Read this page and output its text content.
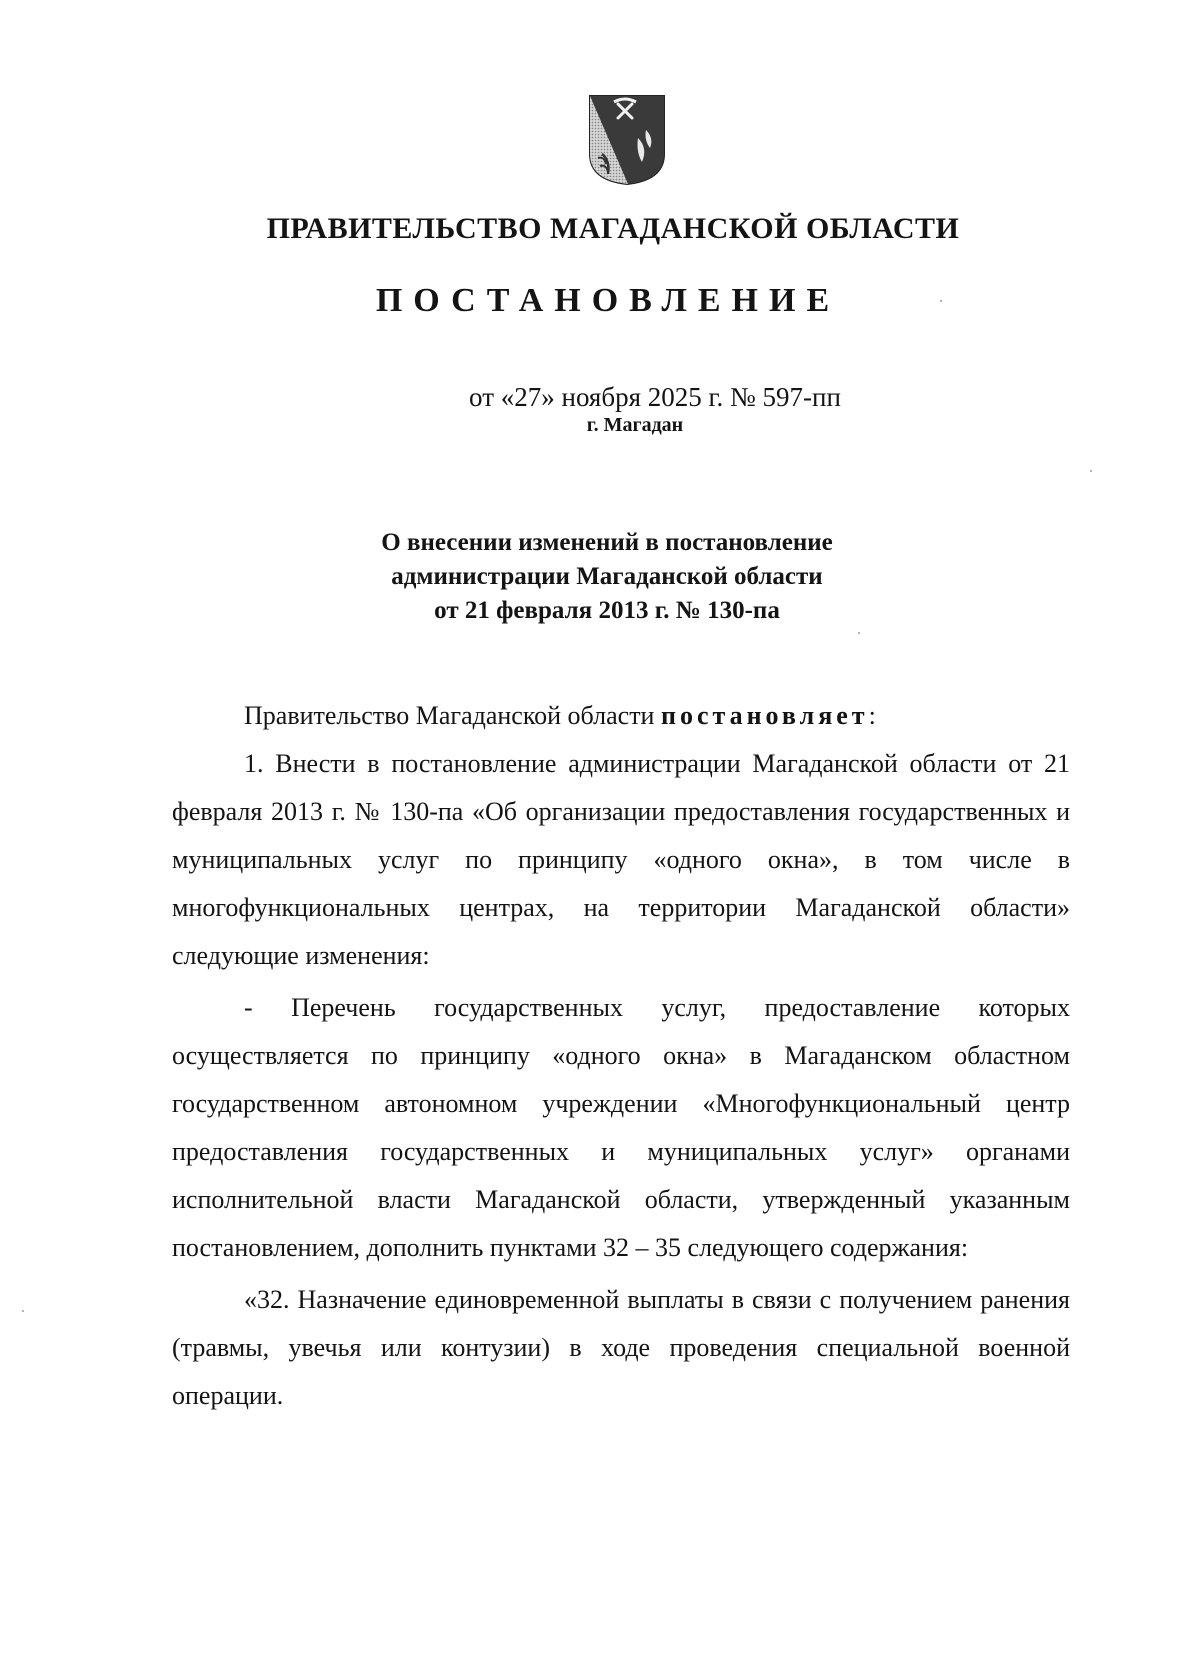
ПРАВИТЕЛЬСТВО МАГАДАНСКОЙ ОБЛАСТИ
ПОСТАНОВЛЕНИЕ
от «27» ноября 2025 г. № 597-пп
г. Магадан
О внесении изменений в постановление
администрации Магаданской области
от 21 февраля 2013 г. № 130-па

Правительство Магаданской области постановляет:

1. Внести в постановление администрации Магаданской области от 21 февраля 2013 г. № 130-па «Об организации предоставления государственных и муниципальных услуг по принципу «одного окна», в том числе в многофункциональных центрах, на территории Магаданской области» следующие изменения:

- Перечень государственных услуг, предоставление которых осуществляется по принципу «одного окна» в Магаданском областном государственном автономном учреждении «Многофункциональный центр предоставления государственных и муниципальных услуг» органами исполнительной власти Магаданской области, утвержденный указанным постановлением, дополнить пунктами 32 – 35 следующего содержания:

«32. Назначение единовременной выплаты в связи с получением ранения (травмы, увечья или контузии) в ходе проведения специальной военной операции.
